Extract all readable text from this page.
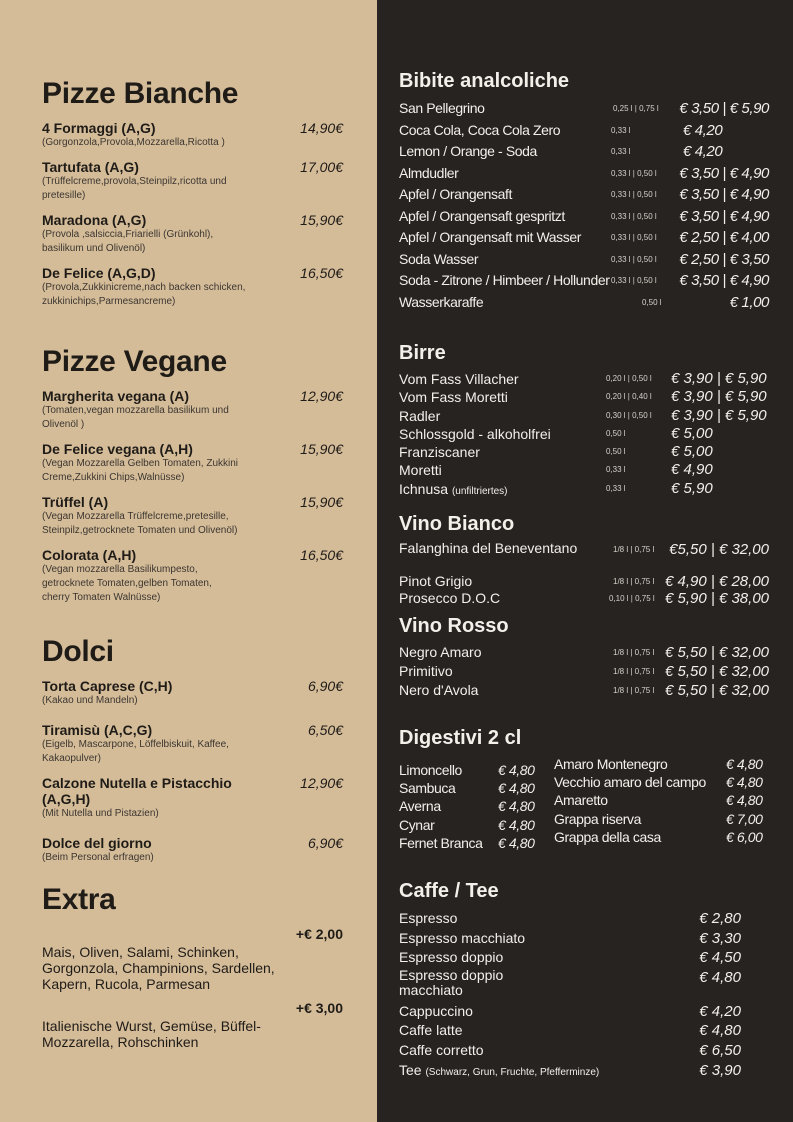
Pizze Bianche
4 Formaggi (A,G)	14,90€
(Gorgonzola,Provola,Mozzarella,Ricotta )
Tartufata (A,G)	17,00€
(Trüffelcreme,provola,Steinpilz,ricotta und pretesille)
Maradona (A,G)	15,90€
(Provola ,salsiccia,Friarielli (Grünkohl), basilikum und Olivenöl)
De Felice (A,G,D)	16,50€
(Provola,Zukkinicreme,nach backen schicken, zukkinichips,Parmesancreme)
Pizze Vegane
Margherita vegana (A)	12,90€
(Tomaten,vegan mozzarella basilikum und Olivenöl )
De Felice vegana (A,H)	15,90€
(Vegan Mozzarella Gelben Tomaten, Zukkini Creme,Zukkini Chips,Walnüsse)
Trüffel (A)	15,90€
(Vegan Mozzarella Trüffelcreme,pretesille, Steinpilz,getrocknete Tomaten und Olivenöl)
Colorata (A,H)	16,50€
(Vegan mozzarella Basilikumpesto, getrocknete Tomaten,gelben Tomaten, cherry Tomaten Walnüsse)
Dolci
Torta Caprese (C,H)	6,90€
(Kakao und Mandeln)
Tiramisù (A,C,G)	6,50€
(Eigelb, Mascarpone, Löffelbiskuit, Kaffee, Kakaopulver)
Calzone Nutella e Pistacchio (A,G,H)
12,90€
(Mit Nutella und Pistazien)
Dolce del giorno	6,90€
(Beim Personal erfragen)
Extra
+€ 2,00
Mais, Oliven, Salami, Schinken, Gorgonzola, Champinions, Sardellen, Kapern, Rucola, Parmesan
+€ 3,00
Italienische Wurst, Gemüse, Büffel-Mozzarella, Rohschinken
Bibite analcoliche
San Pellegrino	0,25 l | 0,75 l € 3,50 | € 5,90
Coca Cola, Coca Cola Zero	0,33 l	€ 4,20
Lemon / Orange - Soda	0,33 l	€ 4,20
Almdudler	0,33 l | 0,50 l € 3,50 | € 4,90
Apfel / Orangensaft	0,33 l | 0,50 l € 3,50 | € 4,90
Apfel / Orangensaft gespritzt	0,33 l | 0,50 l € 3,50 | € 4,90
Apfel / Orangensaft mit Wasser	0,33 l | 0,50 l € 2,50 | € 4,00
Soda Wasser	0,33 l | 0,50 l € 2,50 | € 3,50
Soda - Zitrone / Himbeer / Hollunder 0,33 l | 0,50 l € 3,50 | € 4,90
Wasserkaraffe	0,50 l	€ 1,00
Birre
Vom Fass Villacher	0,20 l | 0,50 l € 3,90 | € 5,90
Vom Fass Moretti	0,20 l | 0,40 l € 3,90 | € 5,90
Radler	0,30 l | 0,50 l € 3,90 | € 5,90
Schlossgold - alkoholfrei	0,50 l	€ 5,00
Franziscaner	0,50 l	€ 5,00
Moretti	0,33 l	€ 4,90
Ichnusa (unfiltriertes)	0,33 l	€ 5,90
Vino Bianco
Falanghina del Beneventano	1/8 l | 0,75 l €5,50 | € 32,00
Pinot Grigio	1/8 l | 0,75 l € 4,90 | € 28,00
Prosecco D.O.C	0,10 l | 0,75 l € 5,90 | € 38,00
Vino Rosso
Negro Amaro	1/8 l | 0,75 l € 5,50 | € 32,00
Primitivo	1/8 l | 0,75 l € 5,50 | € 32,00
Nero d'Avola	1/8 l | 0,75 l € 5,50 | € 32,00
Digestivi 2 cl
Limoncello	€ 4,80
Sambuca	€ 4,80
Averna	€ 4,80
Cynar	€ 4,80
Fernet Branca € 4,80
Amaro Montenegro	€ 4,80
Vecchio amaro del campo € 4,80
Amaretto	€ 4,80
Grappa riserva	€ 7,00
Grappa della casa	€ 6,00
Caffe / Tee
Espresso	€ 2,80
Espresso macchiato	€ 3,30
Espresso doppio	€ 4,50
Espresso doppio macchiato
€ 4,80
Cappuccino	€ 4,20
Caffe latte	€ 4,80
Caffe corretto	€ 6,50
Tee (Schwarz, Grun, Fruchte, Pfefferminze)	€ 3,90
